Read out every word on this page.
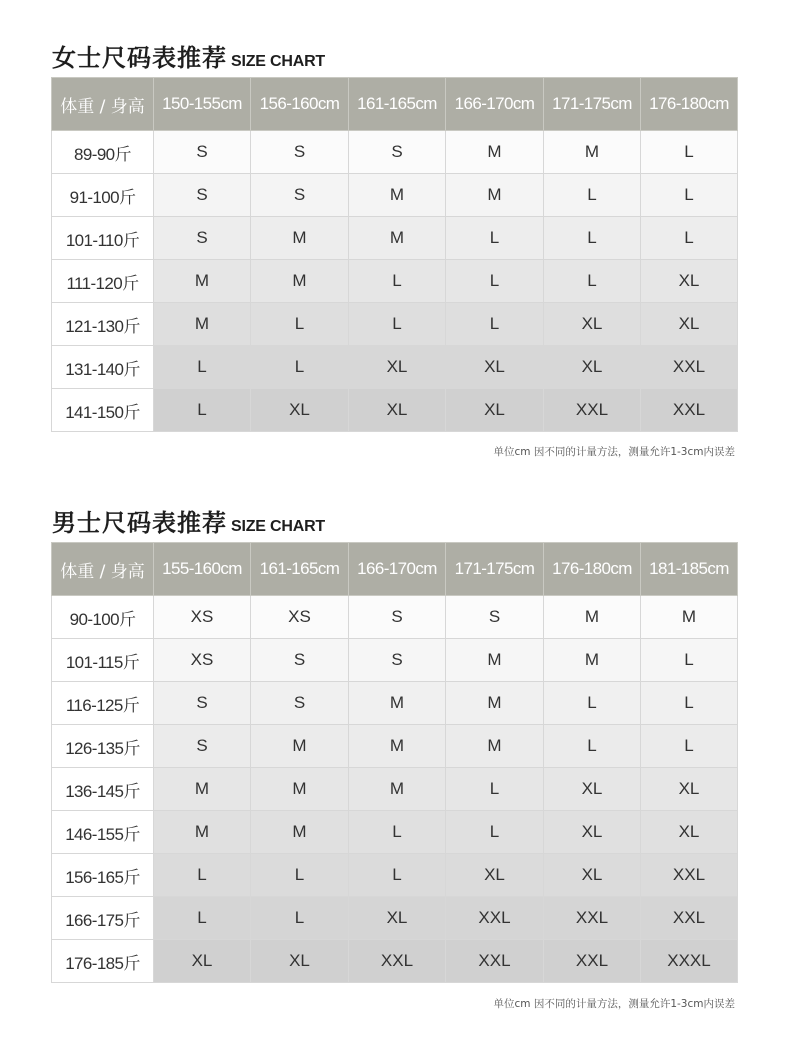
女士尺码表推荐 SIZE CHART
体重 / 身高	150-155cm	156-160cm	161-165cm	166-170cm	171-175cm	176-180cm
89-90斤	S	S	S	M	M	L
91-100斤	S	S	M	M	L	L
101-110斤	S	M	M	L	L	L
111-120斤	M	M	L	L	L	XL
121-130斤	M	L	L	L	XL	XL
131-140斤	L	L	XL	XL	XL	XXL
141-150斤	L	XL	XL	XL	XXL	XXL
单位cm 因不同的计量方法，测量允许1-3cm内误差
男士尺码表推荐 SIZE CHART
体重 / 身高	155-160cm	161-165cm	166-170cm	171-175cm	176-180cm	181-185cm
90-100斤	XS	XS	S	S	M	M
101-115斤	XS	S	S	M	M	L
116-125斤	S	S	M	M	L	L
126-135斤	S	M	M	M	L	L
136-145斤	M	M	M	L	XL	XL
146-155斤	M	M	L	L	XL	XL
156-165斤	L	L	L	XL	XL	XXL
166-175斤	L	L	XL	XXL	XXL	XXL
176-185斤	XL	XL	XXL	XXL	XXL	XXXL
单位cm 因不同的计量方法，测量允许1-3cm内误差
